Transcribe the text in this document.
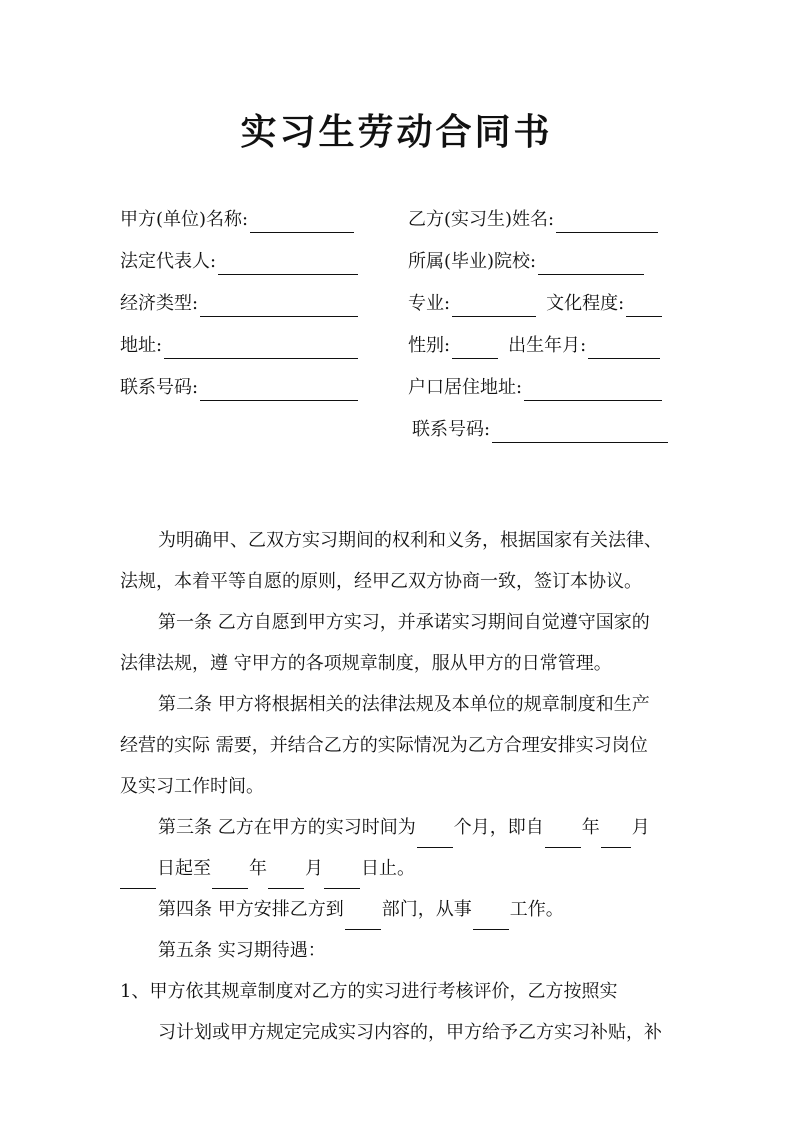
实习生劳动合同书
甲方(单位)名称:
法定代表人:
经济类型:
地址:
联系号码:
乙方(实习生)姓名:
所属(毕业)院校:
专业:	文化程度:
性别:	出生年月:
户口居住地址:
联系号码:
为明确甲、乙双方实习期间的权利和义务，根据国家有关法律、
法规，本着平等自愿的原则，经甲乙双方协商一致，签订本协议。
第一条 乙方自愿到甲方实习，并承诺实习期间自觉遵守国家的
法律法规，遵 守甲方的各项规章制度，服从甲方的日常管理。
第二条 甲方将根据相关的法律法规及本单位的规章制度和生产
经营的实际 需要，并结合乙方的实际情况为乙方合理安排实习岗位
及实习工作时间。
第三条 乙方在甲方的实习时间为 个月，即自 年 月
日起至 年 月 日止。
第四条 甲方安排乙方到 部门，从事 工作。
第五条 实习期待遇：
1、甲方依其规章制度对乙方的实习进行考核评价，乙方按照实
习计划或甲方规定完成实习内容的，甲方给予乙方实习补贴，补
